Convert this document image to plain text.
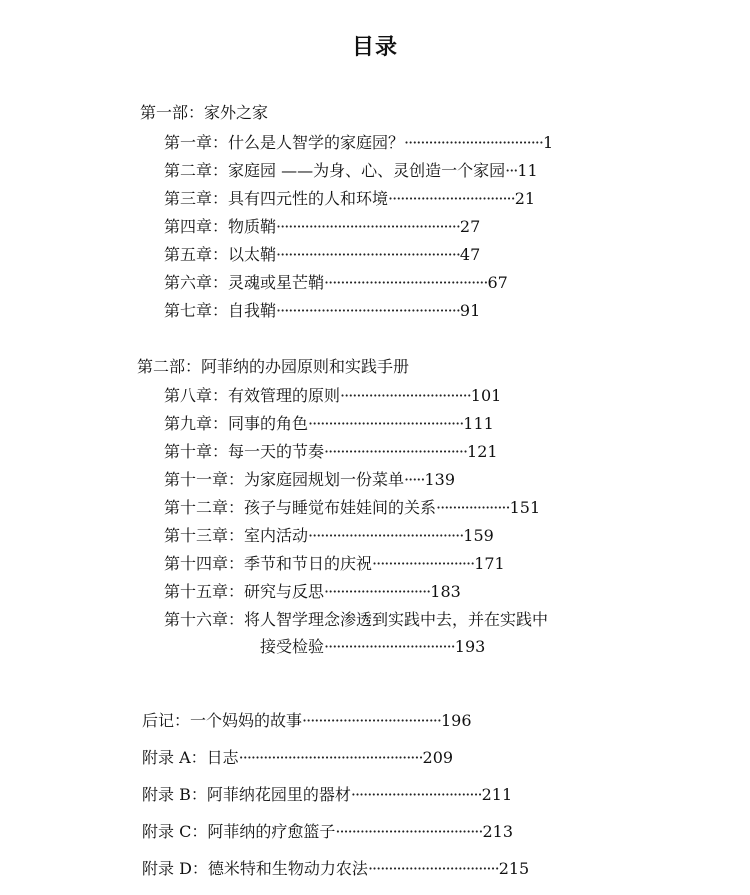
目录
第一部：家外之家
第一章：什么是人智学的家庭园？··································1
第二章：家庭园 ——为身、心、灵创造一个家园···11
第三章：具有四元性的人和环境·······························21
第四章：物质鞘·············································27
第五章：以太鞘·············································47
第六章：灵魂或星芒鞘········································67
第七章：自我鞘·············································91
第二部：阿菲纳的办园原则和实践手册
第八章：有效管理的原则································101
第九章：同事的角色······································111
第十章：每一天的节奏···································121
第十一章：为家庭园规划一份菜单·····139
第十二章：孩子与睡觉布娃娃间的关系··················151
第十三章：室内活动······································159
第十四章：季节和节日的庆祝·························171
第十五章：研究与反思··························183
第十六章：将人智学理念渗透到实践中去，并在实践中
接受检验································193
后记：一个妈妈的故事··································196
附录 A：日志·············································209
附录 B：阿菲纳花园里的器材································211
附录 C：阿菲纳的疗愈篮子····································213
附录 D：德米特和生物动力农法································215
